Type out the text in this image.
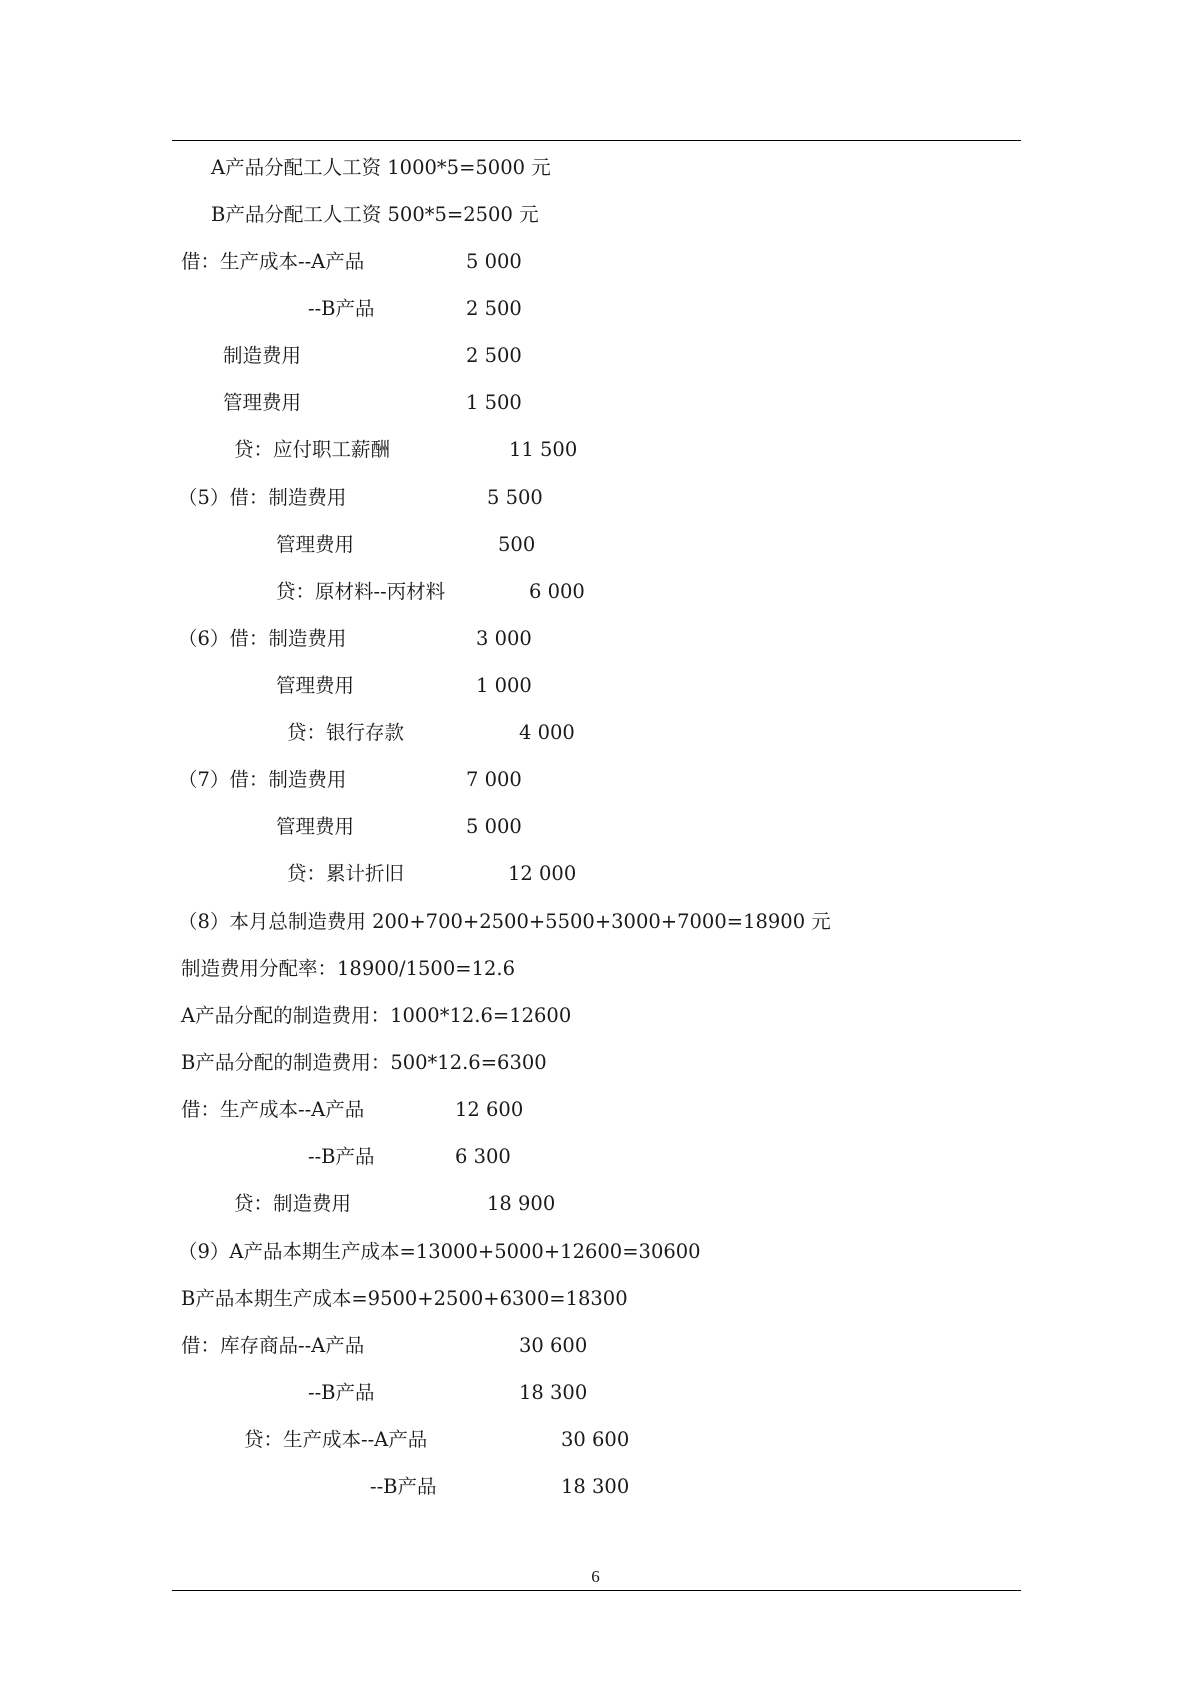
A产品分配工人工资 1000*5=5000 元
B产品分配工人工资 500*5=2500 元
借：生产成本--A产品	5 000
--B产品	2 500
制造费用	2 500
管理费用	1 500
贷：应付职工薪酬	11 500
（5）借：制造费用	5 500
管理费用	500
贷：原材料--丙材料	6 000
（6）借：制造费用	3 000
管理费用	1 000
贷：银行存款	4 000
（7）借：制造费用	7 000
管理费用	5 000
贷：累计折旧	12 000
（8）本月总制造费用 200+700+2500+5500+3000+7000=18900 元
制造费用分配率：18900/1500=12.6
A产品分配的制造费用：1000*12.6=12600
B产品分配的制造费用：500*12.6=6300
借：生产成本--A产品	12 600
--B产品	6 300
贷：制造费用	18 900
（9）A产品本期生产成本=13000+5000+12600=30600
B产品本期生产成本=9500+2500+6300=18300
借：库存商品--A产品	30 600
--B产品	18 300
贷：生产成本--A产品	30 600
--B产品	18 300
6
